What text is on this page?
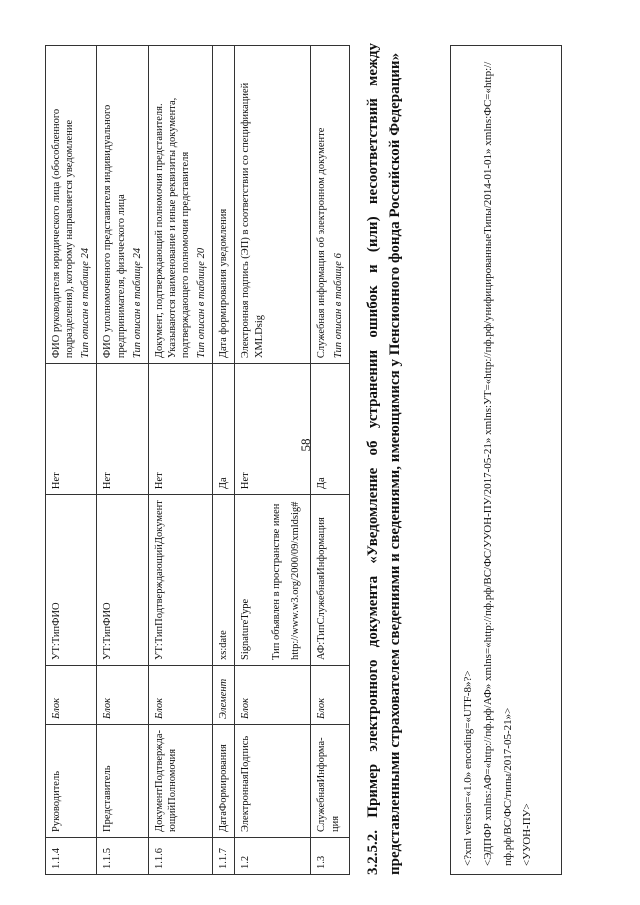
58
1.1.4	Руководитель	Блок	УТ:ТипФИО	Нет	ФИО руководителя юридического лица (обособленного подразделения), которому направляется уведомление Тип описан в таблице 24

1.1.5	Представитель	Блок	УТ:ТипФИО	Нет	ФИО уполномоченного представителя индивидуального предпринимателя, физического лица Тип описан в таблице 24

1.1.6	ДокументПодтвержда-ющийПолномочия	Блок	УТ:ТипПодтверждающийДокумент	Нет	Документ, подтверждающий полномочия представителя. Указываются наименование и иные реквизиты документа, подтверждающего полномочия представителя Тип описан в таблице 20

1.1.7	ДатаФормирования	Элемент	xs:date	Да	Дата формирования уведомления
1.2	ЭлектроннаяПодпись	Блок	SignatureType Тип объявлен в пространстве имен http://www.w3.org/2000/09/xmldsig#	Нет	Электронная подпись (ЭП) в соответствии со спецификацией XMLDsig
1.3	СлужебнаяИнформа-ция	Блок	АФ:ТипСлужебнаяИнформация	Да	Служебная информация об электронном документе Тип описан в таблице 6 3.2.5.2. Пример электронного документа «Уведомление об устранении ошибок и (или) несоответствий между представленными страхователем сведениями и сведениями, имеющимися у Пенсионного фонда Российской Федерации»	<?xml version=«1.0» encoding=«UTF-8»?> <ЭДПФР xmlns:АФ=«http://пф.рф/АФ» xmlns=«http://пф.рф/ВС/ФС/УУОН-ПУ/2017-05-21» xmlns:УТ=«http://пф.рф/унифицированныеТипы/2014-01-01» xmlns:ФС=«http://пф.рф/ВС/ФС/типы/2017-05-21»> <УУОН-ПУ>
